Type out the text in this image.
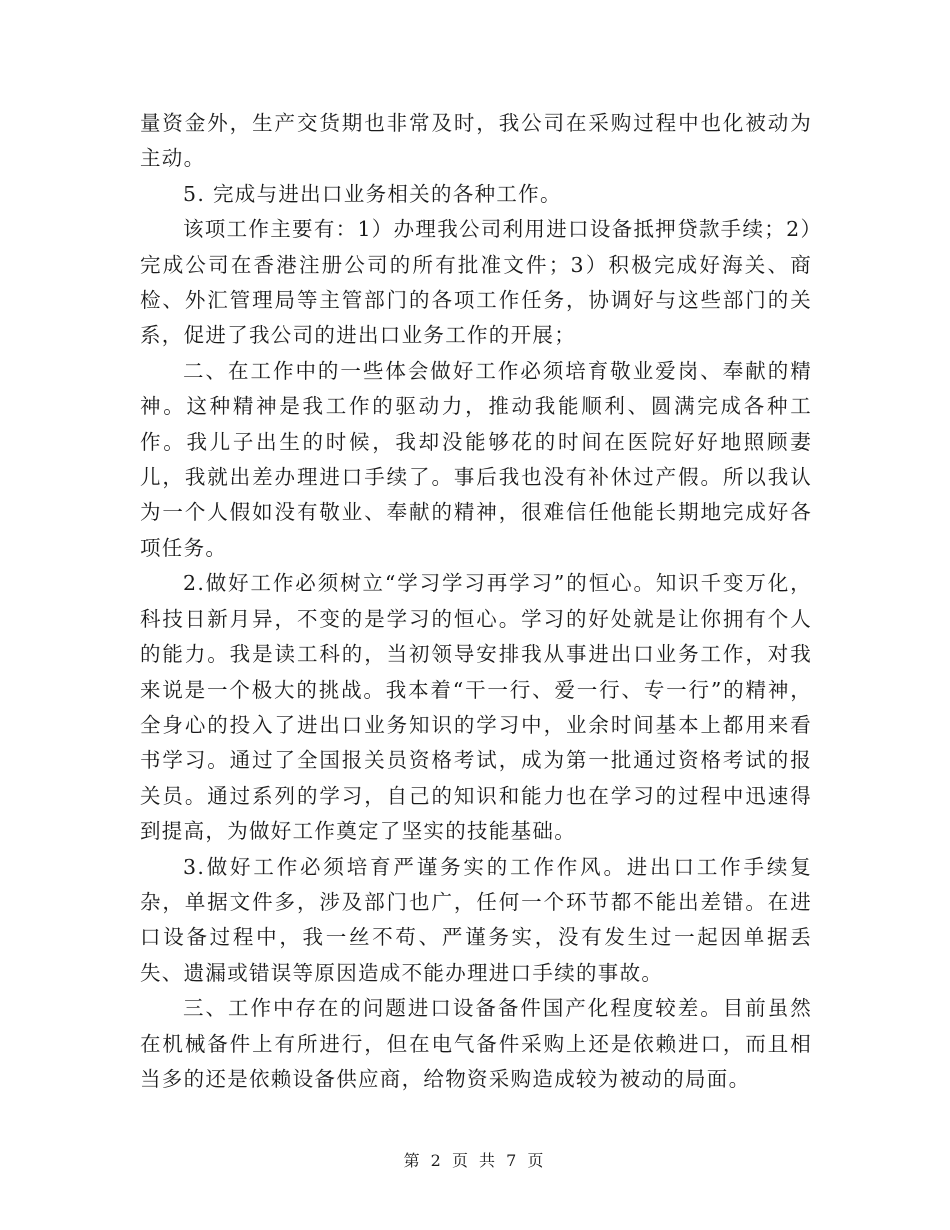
量资金外，生产交货期也非常及时，我公司在采购过程中也化被动为主动。

5. 完成与进出口业务相关的各种工作。

该项工作主要有：1）办理我公司利用进口设备抵押贷款手续；2）完成公司在香港注册公司的所有批准文件；3）积极完成好海关、商检、外汇管理局等主管部门的各项工作任务，协调好与这些部门的关系，促进了我公司的进出口业务工作的开展；

二、在工作中的一些体会做好工作必须培育敬业爱岗、奉献的精神。这种精神是我工作的驱动力，推动我能顺利、圆满完成各种工作。我儿子出生的时候，我却没能够花的时间在医院好好地照顾妻儿，我就出差办理进口手续了。事后我也没有补休过产假。所以我认为一个人假如没有敬业、奉献的精神，很难信任他能长期地完成好各项任务。

2.做好工作必须树立“学习学习再学习”的恒心。知识千变万化，科技日新月异，不变的是学习的恒心。学习的好处就是让你拥有个人的能力。我是读工科的，当初领导安排我从事进出口业务工作，对我来说是一个极大的挑战。我本着“干一行、爱一行、专一行”的精神，全身心的投入了进出口业务知识的学习中，业余时间基本上都用来看书学习。通过了全国报关员资格考试，成为第一批通过资格考试的报关员。通过系列的学习，自己的知识和能力也在学习的过程中迅速得到提高，为做好工作奠定了坚实的技能基础。

3.做好工作必须培育严谨务实的工作作风。进出口工作手续复杂，单据文件多，涉及部门也广，任何一个环节都不能出差错。在进口设备过程中，我一丝不苟、严谨务实，没有发生过一起因单据丢失、遗漏或错误等原因造成不能办理进口手续的事故。

三、工作中存在的问题进口设备备件国产化程度较差。目前虽然在机械备件上有所进行，但在电气备件采购上还是依赖进口，而且相当多的还是依赖设备供应商，给物资采购造成较为被动的局面。

第 2 页 共 7 页
